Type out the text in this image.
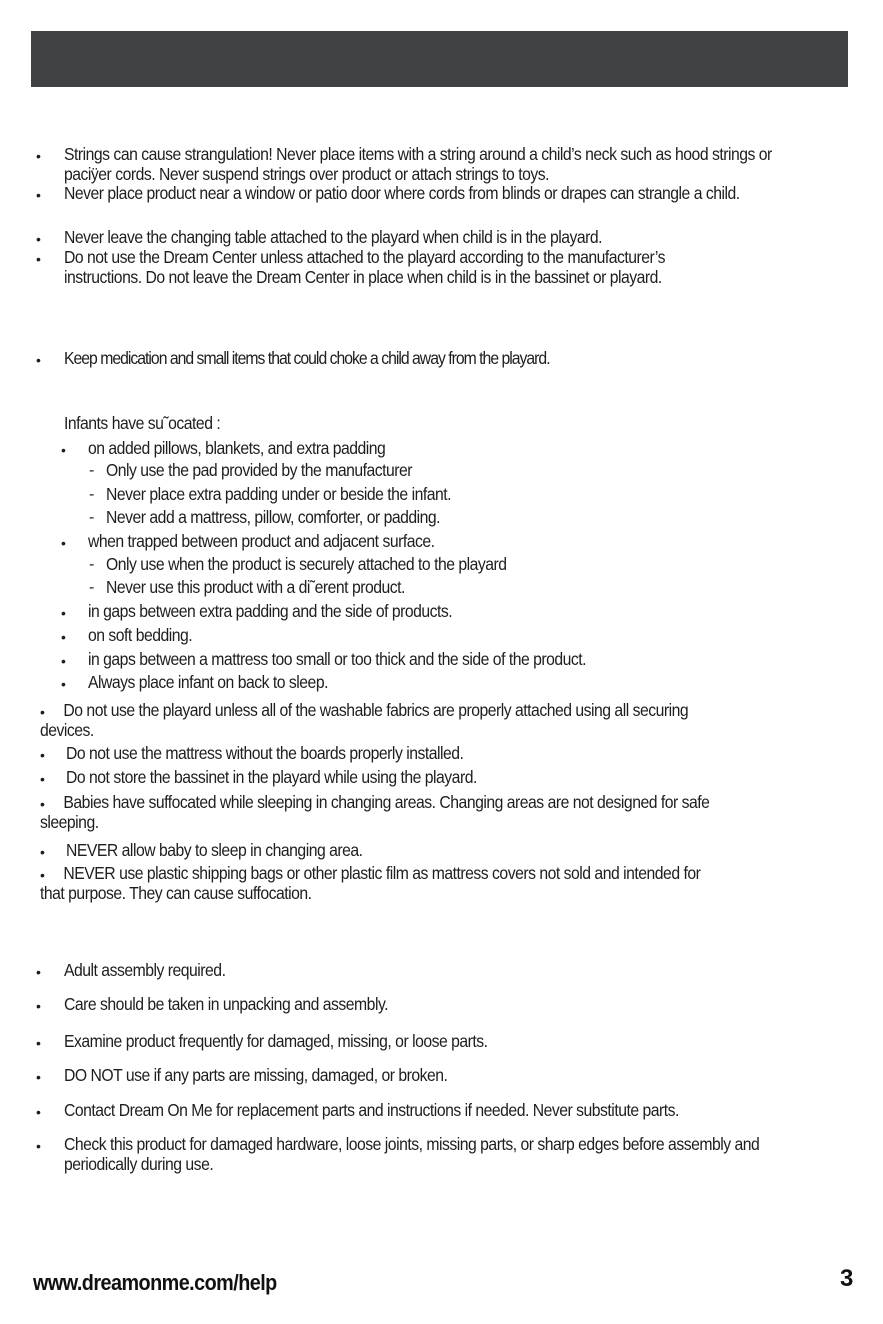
• Strings can cause strangulation! Never place items with a string around a child’s neck such as hood strings or paciÿer cords. Never suspend strings over product or attach strings to toys.
• Never place product near a window or patio door where cords from blinds or drapes can strangle a child.
• Never leave the changing table attached to the playard when child is in the playard.
• Do not use the Dream Center unless attached to the playard according to the manufacturer’s instructions. Do not leave the Dream Center in place when child is in the bassinet or playard.
• Keep medication and small items that could choke a child away from the playard.
Infants have su˜ocated :
• on added pillows, blankets, and extra padding
- Only use the pad provided by the manufacturer
- Never place extra padding under or beside the infant.
- Never add a mattress, pillow, comforter, or padding.
• when trapped between product and adjacent surface.
- Only use when the product is securely attached to the playard
- Never use this product with a di˜erent product.
• in gaps between extra padding and the side of products.
• on soft bedding.
• in gaps between a mattress too small or too thick and the side of the product.
• Always place infant on back to sleep.
•	Do not use the playard unless all of the washable fabrics are properly attached using all securing devices.
• Do not use the mattress without the boards properly installed.
• Do not store the bassinet in the playard while using the playard.
•	Babies have suffocated while sleeping in changing areas. Changing areas are not designed for safe sleeping.
• NEVER allow baby to sleep in changing area.
•	NEVER use plastic shipping bags or other plastic film as mattress covers not sold and intended for that purpose. They can cause suffocation.
• Adult assembly required.
• Care should be taken in unpacking and assembly.
• Examine product frequently for damaged, missing, or loose parts.
• DO NOT use if any parts are missing, damaged, or broken.
• Contact Dream On Me for replacement parts and instructions if needed. Never substitute parts.
• Check this product for damaged hardware, loose joints, missing parts, or sharp edges before assembly and periodically during use.
www.dreamonme.com/help	3
